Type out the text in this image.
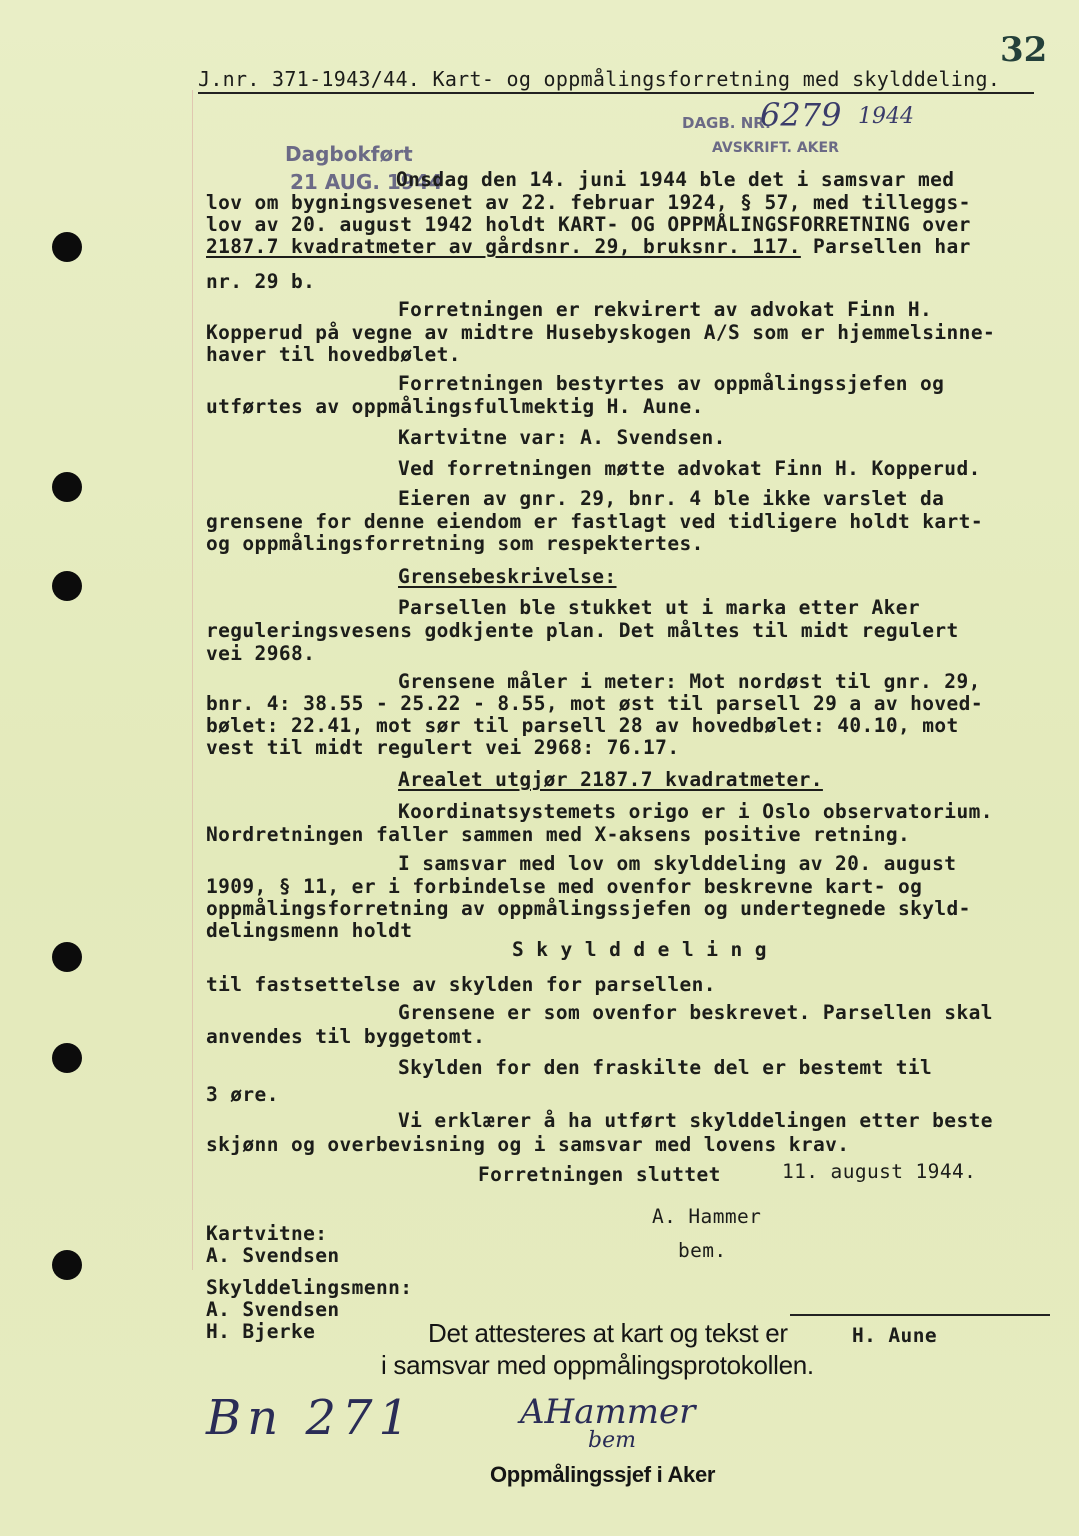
32
J.nr. 371-1943/44. Kart- og oppmålingsforretning med skylddeling.
DAGB. NR.
6279 1944
AVSKRIFT. AKER
Dagbokført
21 AUG. 1944
Onsdag den 14. juni 1944 ble det i samsvar med
lov om bygningsvesenet av 22. februar 1924, § 57, med tilleggs-
lov av 20. august 1942 holdt KART- OG OPPMÅLINGSFORRETNING over
2187.7 kvadratmeter av gårdsnr. 29, bruksnr. 117. Parsellen har
nr. 29 b.
Forretningen er rekvirert av advokat Finn H.
Kopperud på vegne av midtre Husebyskogen A/S som er hjemmelsinne-
haver til hovedbølet.
Forretningen bestyrtes av oppmålingssjefen og
utførtes av oppmålingsfullmektig H. Aune.
Kartvitne var: A. Svendsen.
Ved forretningen møtte advokat Finn H. Kopperud.
Eieren av gnr. 29, bnr. 4 ble ikke varslet da
grensene for denne eiendom er fastlagt ved tidligere holdt kart-
og oppmålingsforretning som respektertes.
Grensebeskrivelse:
Parsellen ble stukket ut i marka etter Aker
reguleringsvesens godkjente plan. Det måltes til midt regulert
vei 2968.
Grensene måler i meter: Mot nordøst til gnr. 29,
bnr. 4: 38.55 - 25.22 - 8.55, mot øst til parsell 29 a av hoved-
bølet: 22.41, mot sør til parsell 28 av hovedbølet: 40.10, mot
vest til midt regulert vei 2968: 76.17.
Arealet utgjør 2187.7 kvadratmeter.
Koordinatsystemets origo er i Oslo observatorium.
Nordretningen faller sammen med X-aksens positive retning.
I samsvar med lov om skylddeling av 20. august
1909, § 11, er i forbindelse med ovenfor beskrevne kart- og
oppmålingsforretning av oppmålingssjefen og undertegnede skyld-
delingsmenn holdt
S k y l d d e l i n g
til fastsettelse av skylden for parsellen.
Grensene er som ovenfor beskrevet. Parsellen skal
anvendes til byggetomt.
Skylden for den fraskilte del er bestemt til
3 øre.
Vi erklærer å ha utført skylddelingen etter beste
skjønn og overbevisning og i samsvar med lovens krav.
Forretningen sluttet	11. august 1944.
A. Hammer
bem.
Kartvitne:
A. Svendsen
Skylddelingsmenn:
A. Svendsen
H. Bjerke	H. Aune
Det attesteres at kart og tekst er
i samsvar med oppmålingsprotokollen.
Bn 271	AHammer
bem
Oppmålingssjef i Aker
